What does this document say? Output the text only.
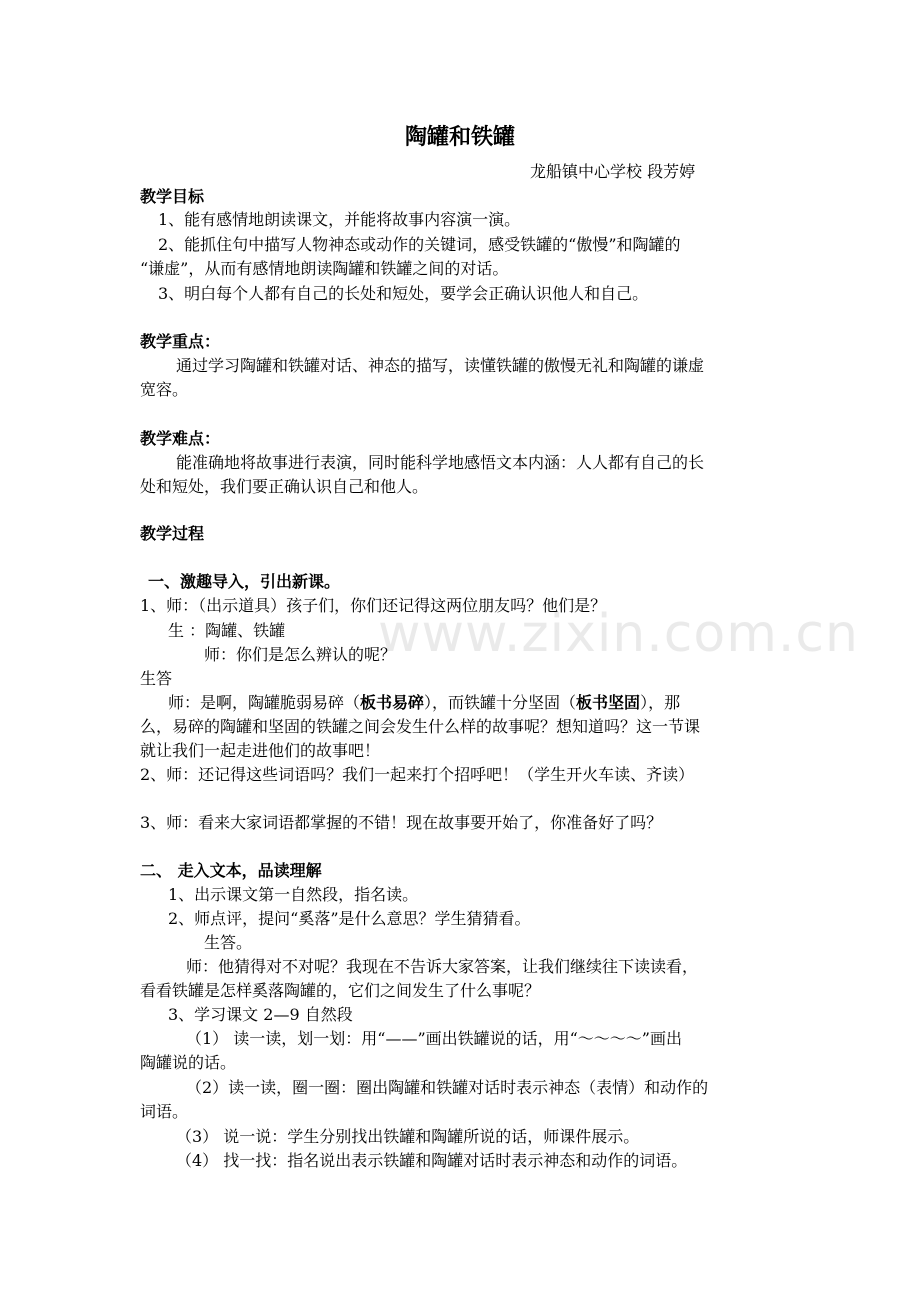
www.zixin.com.cn
陶罐和铁罐
龙船镇中心学校 段芳婷
教学目标
1、能有感情地朗读课文，并能将故事内容演一演。
2、能抓住句中描写人物神态或动作的关键词，感受铁罐的“傲慢”和陶罐的
“谦虚”，从而有感情地朗读陶罐和铁罐之间的对话。
3、明白每个人都有自己的长处和短处，要学会正确认识他人和自己。
教学重点：
通过学习陶罐和铁罐对话、神态的描写，读懂铁罐的傲慢无礼和陶罐的谦虚
宽容。
教学难点：
能准确地将故事进行表演，同时能科学地感悟文本内涵：人人都有自己的长
处和短处，我们要正确认识自己和他人。
教学过程
一、激趣导入，引出新课。
1、师：（出示道具）孩子们，你们还记得这两位朋友吗？他们是？
生 ：陶罐、铁罐
师：你们是怎么辨认的呢？
生答
师：是啊，陶罐脆弱易碎（板书易碎），而铁罐十分坚固（板书坚固），那
么，易碎的陶罐和坚固的铁罐之间会发生什么样的故事呢？想知道吗？这一节课
就让我们一起走进他们的故事吧！
2、师：还记得这些词语吗？我们一起来打个招呼吧！（学生开火车读、齐读）
3、师：看来大家词语都掌握的不错！现在故事要开始了，你准备好了吗？
二、 走入文本，品读理解
1、出示课文第一自然段，指名读。
2、师点评，提问“奚落”是什么意思？学生猜猜看。
生答。
师：他猜得对不对呢？我现在不告诉大家答案，让我们继续往下读读看，
看看铁罐是怎样奚落陶罐的，它们之间发生了什么事呢？
3、学习课文 2—9 自然段
（1） 读一读，划一划：用“——”画出铁罐说的话，用“～～～～”画出
陶罐说的话。
（2）读一读，圈一圈：圈出陶罐和铁罐对话时表示神态（表情）和动作的
词语。
（3） 说一说：学生分别找出铁罐和陶罐所说的话，师课件展示。
（4） 找一找：指名说出表示铁罐和陶罐对话时表示神态和动作的词语。
